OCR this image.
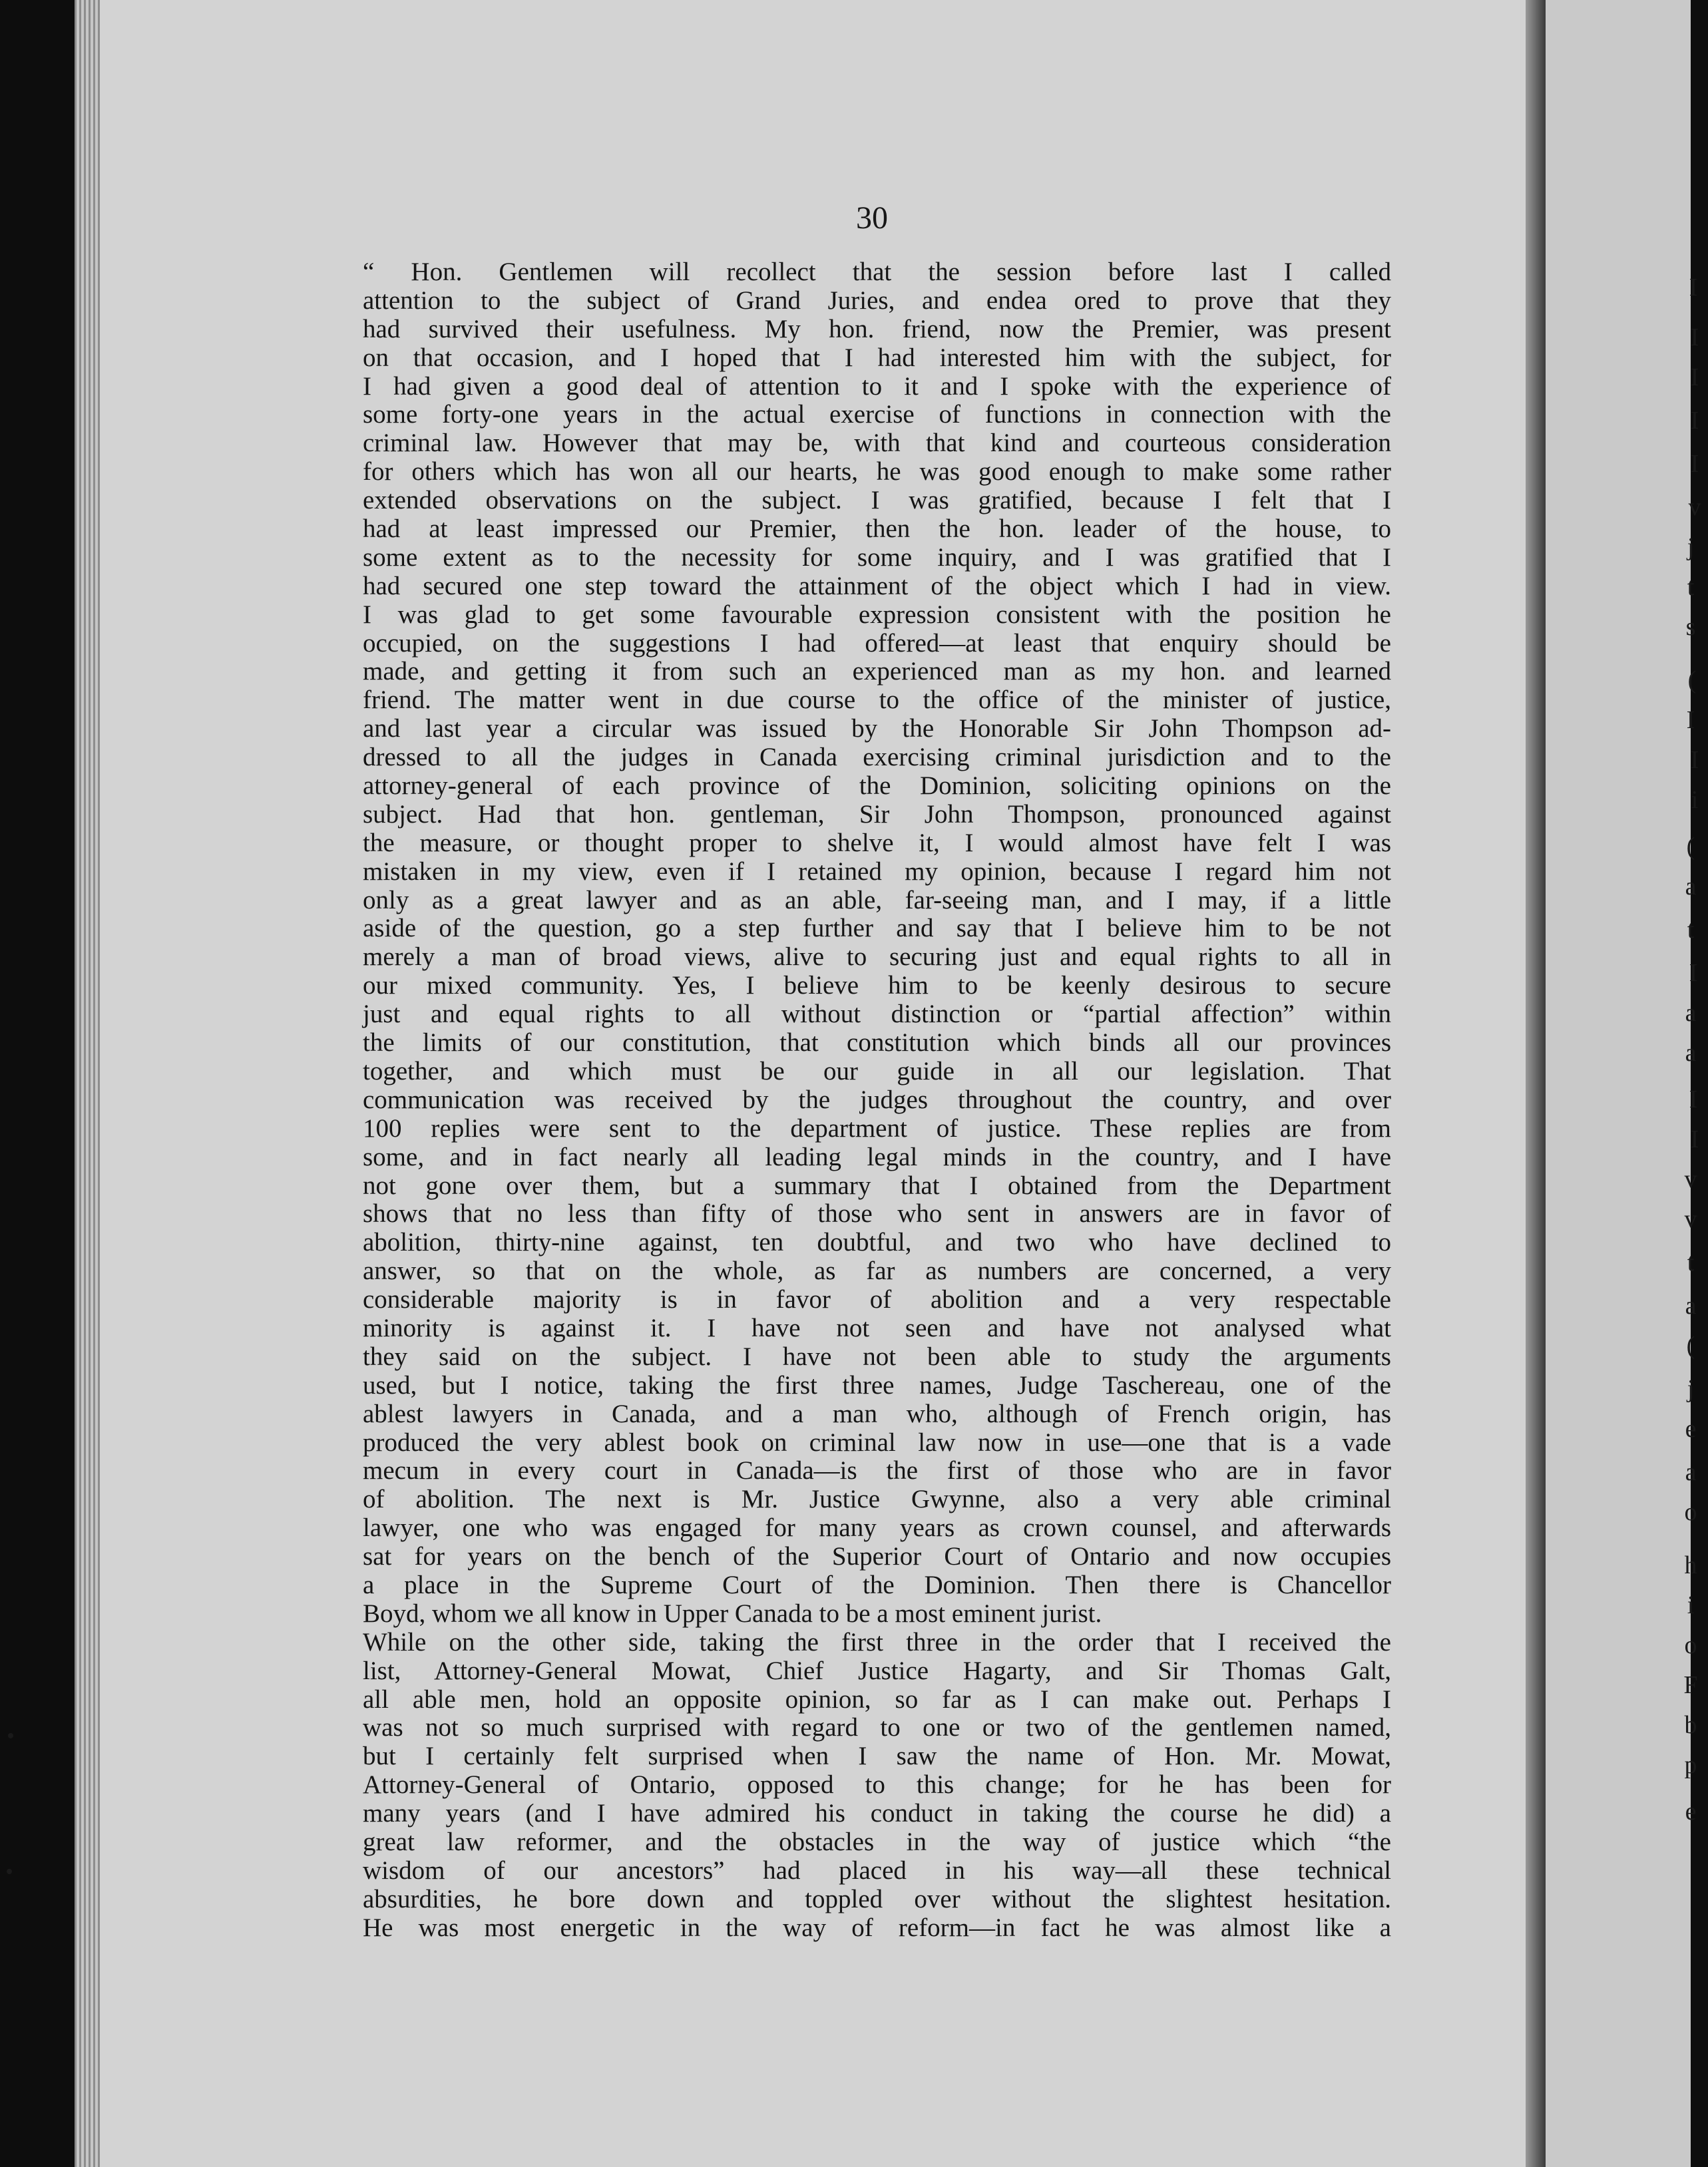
I
I
I
I
I
v
j
t
s
(
I
I
i
(
a
t
I
a
a
I
I
v
v
t
a
(
j
e
a
o
h
i
o
F
b
p
e
30
“ Hon. Gentlemen will recollect that the session before last I called
attention to the subject of Grand Juries, and endea ored to prove that they
had survived their usefulness. My hon. friend, now the Premier, was present
on that occasion, and I hoped that I had interested him with the subject, for
I had given a good deal of attention to it and I spoke with the experience of
some forty-one years in the actual exercise of functions in connection with the
criminal law. However that may be, with that kind and courteous consideration
for others which has won all our hearts, he was good enough to make some rather
extended observations on the subject. I was gratified, because I felt that I
had at least impressed our Premier, then the hon. leader of the house, to
some extent as to the necessity for some inquiry, and I was gratified that I
had secured one step toward the attainment of the object which I had in view.
I was glad to get some favourable expression consistent with the position he
occupied, on the suggestions I had offered—at least that enquiry should be
made, and getting it from such an experienced man as my hon. and learned
friend. The matter went in due course to the office of the minister of justice,
and last year a circular was issued by the Honorable Sir John Thompson ad-
dressed to all the judges in Canada exercising criminal jurisdiction and to the
attorney-general of each province of the Dominion, soliciting opinions on the
subject. Had that hon. gentleman, Sir John Thompson, pronounced against
the measure, or thought proper to shelve it, I would almost have felt I was
mistaken in my view, even if I retained my opinion, because I regard him not
only as a great lawyer and as an able, far-seeing man, and I may, if a little
aside of the question, go a step further and say that I believe him to be not
merely a man of broad views, alive to securing just and equal rights to all in
our mixed community. Yes, I believe him to be keenly desirous to secure
just and equal rights to all without distinction or “partial affection” within
the limits of our constitution, that constitution which binds all our provinces
together, and which must be our guide in all our legislation. That
communication was received by the judges throughout the country, and over
100 replies were sent to the department of justice. These replies are from
some, and in fact nearly all leading legal minds in the country, and I have
not gone over them, but a summary that I obtained from the Department
shows that no less than fifty of those who sent in answers are in favor of
abolition, thirty-nine against, ten doubtful, and two who have declined to
answer, so that on the whole, as far as numbers are concerned, a very
considerable majority is in favor of abolition and a very respectable
minority is against it. I have not seen and have not analysed what
they said on the subject. I have not been able to study the arguments
used, but I notice, taking the first three names, Judge Taschereau, one of the
ablest lawyers in Canada, and a man who, although of French origin, has
produced the very ablest book on criminal law now in use—one that is a vade
mecum in every court in Canada—is the first of those who are in favor
of abolition. The next is Mr. Justice Gwynne, also a very able criminal
lawyer, one who was engaged for many years as crown counsel, and afterwards
sat for years on the bench of the Superior Court of Ontario and now occupies
a place in the Supreme Court of the Dominion. Then there is Chancellor
Boyd, whom we all know in Upper Canada to be a most eminent jurist.
While on the other side, taking the first three in the order that I received the
list, Attorney-General Mowat, Chief Justice Hagarty, and Sir Thomas Galt,
all able men, hold an opposite opinion, so far as I can make out. Perhaps I
was not so much surprised with regard to one or two of the gentlemen named,
but I certainly felt surprised when I saw the name of Hon. Mr. Mowat,
Attorney-General of Ontario, opposed to this change; for he has been for
many years (and I have admired his conduct in taking the course he did) a
great law reformer, and the obstacles in the way of justice which “the
wisdom of our ancestors” had placed in his way—all these technical
absurdities, he bore down and toppled over without the slightest hesitation.
He was most energetic in the way of reform—in fact he was almost like a
